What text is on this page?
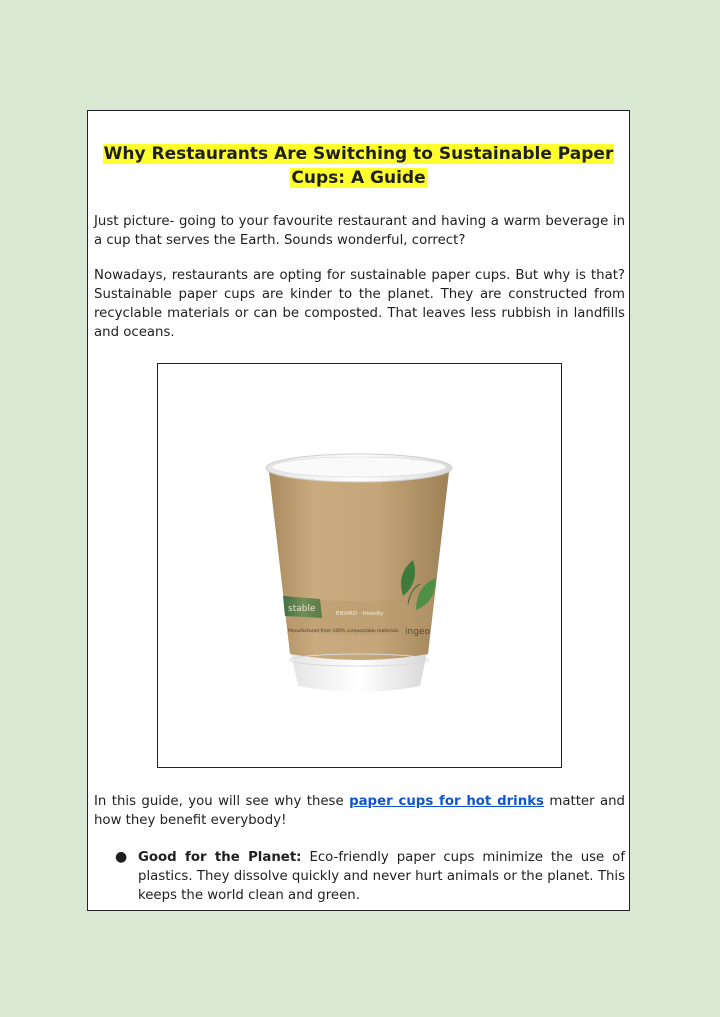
Why Restaurants Are Switching to Sustainable Paper
Cups: A Guide

Just picture- going to your favourite restaurant and having a warm beverage in a cup that serves the Earth. Sounds wonderful, correct?

Nowadays, restaurants are opting for sustainable paper cups. But why is that? Sustainable paper cups are kinder to the planet. They are constructed from recyclable materials or can be composted. That leaves less rubbish in landfills and oceans.

stable	ENVIRO - friendly
Manufactured from 100% compostable materials. ingeo

In this guide, you will see why these paper cups for hot drinks matter and how they benefit everybody!

● Good for the Planet: Eco-friendly paper cups minimize the use of plastics. They dissolve quickly and never hurt animals or the planet. This keeps the world clean and green.
